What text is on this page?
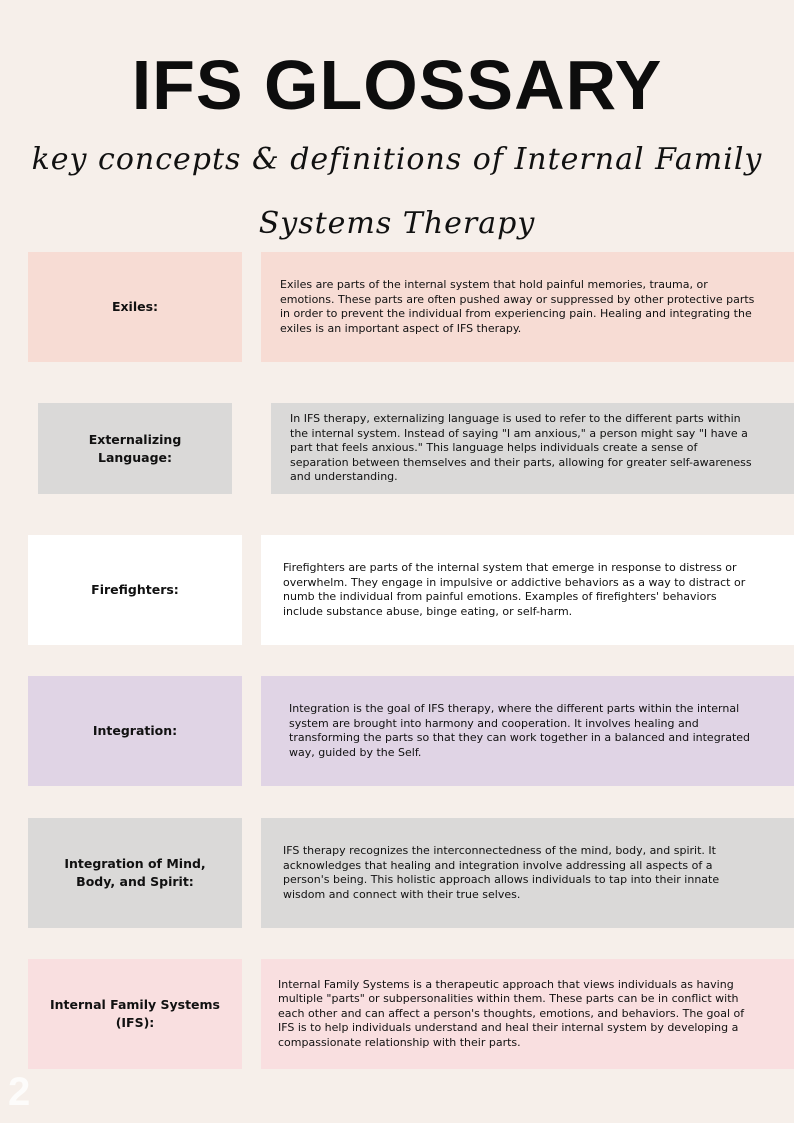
IFS GLOSSARY
key concepts & definitions of Internal Family Systems Therapy
Exiles:
Exiles are parts of the internal system that hold painful memories, trauma, or emotions. These parts are often pushed away or suppressed by other protective parts in order to prevent the individual from experiencing pain. Healing and integrating the exiles is an important aspect of IFS therapy.
Externalizing Language:
In IFS therapy, externalizing language is used to refer to the different parts within the internal system. Instead of saying "I am anxious," a person might say "I have a part that feels anxious." This language helps individuals create a sense of separation between themselves and their parts, allowing for greater self-awareness and understanding.
Firefighters:
Firefighters are parts of the internal system that emerge in response to distress or overwhelm. They engage in impulsive or addictive behaviors as a way to distract or numb the individual from painful emotions. Examples of firefighters' behaviors include substance abuse, binge eating, or self-harm.
Integration:
Integration is the goal of IFS therapy, where the different parts within the internal system are brought into harmony and cooperation. It involves healing and transforming the parts so that they can work together in a balanced and integrated way, guided by the Self.
Integration of Mind, Body, and Spirit:
IFS therapy recognizes the interconnectedness of the mind, body, and spirit. It acknowledges that healing and integration involve addressing all aspects of a person's being. This holistic approach allows individuals to tap into their innate wisdom and connect with their true selves.
Internal Family Systems (IFS):
Internal Family Systems is a therapeutic approach that views individuals as having multiple "parts" or subpersonalities within them. These parts can be in conflict with each other and can affect a person's thoughts, emotions, and behaviors. The goal of IFS is to help individuals understand and heal their internal system by developing a compassionate relationship with their parts.
2
